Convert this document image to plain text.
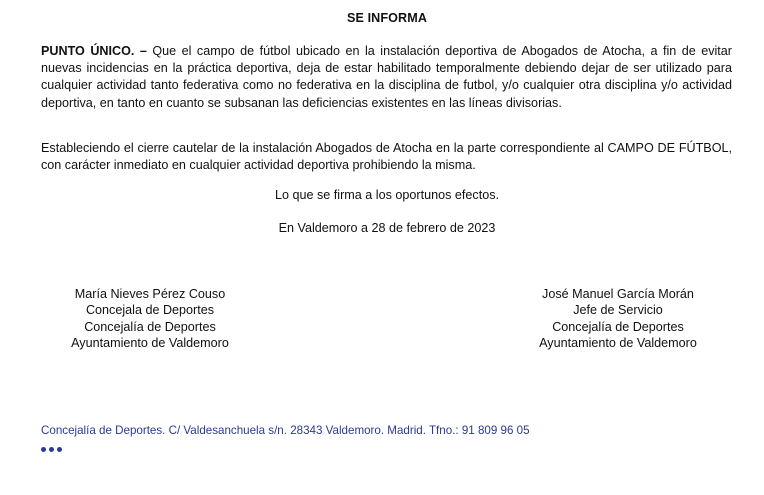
SE INFORMA
PUNTO ÚNICO. – Que el campo de fútbol ubicado en la instalación deportiva de Abogados de Atocha, a fin de evitar nuevas incidencias en la práctica deportiva, deja de estar habilitado temporalmente debiendo dejar de ser utilizado para cualquier actividad tanto federativa como no federativa en la disciplina de futbol, y/o cualquier otra disciplina y/o actividad deportiva, en tanto en cuanto se subsanan las deficiencias existentes en las líneas divisorias.
Estableciendo el cierre cautelar de la instalación Abogados de Atocha en la parte correspondiente al CAMPO DE FÚTBOL, con carácter inmediato en cualquier actividad deportiva prohibiendo la misma.
Lo que se firma a los oportunos efectos.
En Valdemoro a 28 de febrero de 2023
María Nieves Pérez Couso
Concejala de Deportes
Concejalía de Deportes
Ayuntamiento de Valdemoro
José Manuel García Morán
Jefe de Servicio
Concejalía de Deportes
Ayuntamiento de Valdemoro
Concejalía de Deportes. C/ Valdesanchuela s/n. 28343 Valdemoro. Madrid. Tfno.: 91 809 96 05
